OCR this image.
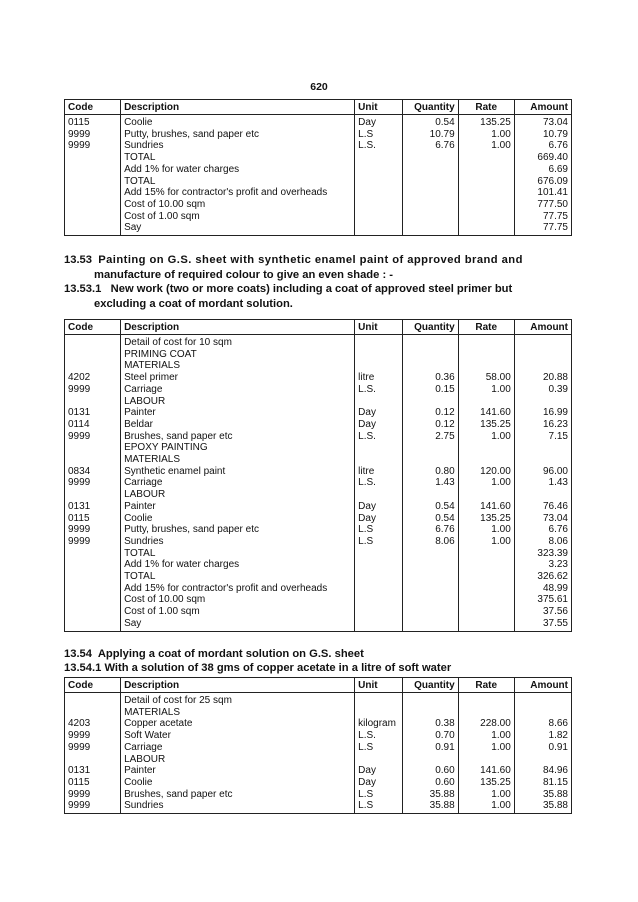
620
Code	Description	Unit	Quantity	Rate	Amount
0115	Coolie	Day	0.54	135.25	73.04
9999	Putty, brushes, sand paper etc	L.S	10.79	1.00	10.79
9999	Sundries	L.S.	6.76	1.00	6.76
	TOTAL				669.40
	Add 1% for water charges				6.69
	TOTAL				676.09
	Add 15% for contractor's profit and overheads				101.41
	Cost of 10.00 sqm				777.50
	Cost of 1.00 sqm				77.75
	Say				77.75
13.53 Painting on G.S. sheet with synthetic enamel paint of approved brand and
manufacture of required colour to give an even shade : -
13.53.1 New work (two or more coats) including a coat of approved steel primer but
excluding a coat of mordant solution.
Code	Description	Unit	Quantity	Rate	Amount
	Detail of cost for 10 sqm				
	PRIMING COAT				
	MATERIALS				
4202	Steel primer	litre	0.36	58.00	20.88
9999	Carriage	L.S.	0.15	1.00	0.39
	LABOUR				
0131	Painter	Day	0.12	141.60	16.99
0114	Beldar	Day	0.12	135.25	16.23
9999	Brushes, sand paper etc	L.S.	2.75	1.00	7.15
	EPOXY PAINTING				
	MATERIALS				
0834	Synthetic enamel paint	litre	0.80	120.00	96.00
9999	Carriage	L.S.	1.43	1.00	1.43
	LABOUR				
0131	Painter	Day	0.54	141.60	76.46
0115	Coolie	Day	0.54	135.25	73.04
9999	Putty, brushes, sand paper etc	L.S	6.76	1.00	6.76
9999	Sundries	L.S	8.06	1.00	8.06
	TOTAL				323.39
	Add 1% for water charges				3.23
	TOTAL				326.62
	Add 15% for contractor's profit and overheads				48.99
	Cost of 10.00 sqm				375.61
	Cost of 1.00 sqm				37.56
	Say				37.55
13.54 Applying a coat of mordant solution on G.S. sheet
13.54.1 With a solution of 38 gms of copper acetate in a litre of soft water
Code	Description	Unit	Quantity	Rate	Amount
	Detail of cost for 25 sqm				
	MATERIALS				
4203	Copper acetate	kilogram	0.38	228.00	8.66
9999	Soft Water	L.S.	0.70	1.00	1.82
9999	Carriage	L.S	0.91	1.00	0.91
	LABOUR				
0131	Painter	Day	0.60	141.60	84.96
0115	Coolie	Day	0.60	135.25	81.15
9999	Brushes, sand paper etc	L.S	35.88	1.00	35.88
9999	Sundries	L.S	35.88	1.00	35.88
